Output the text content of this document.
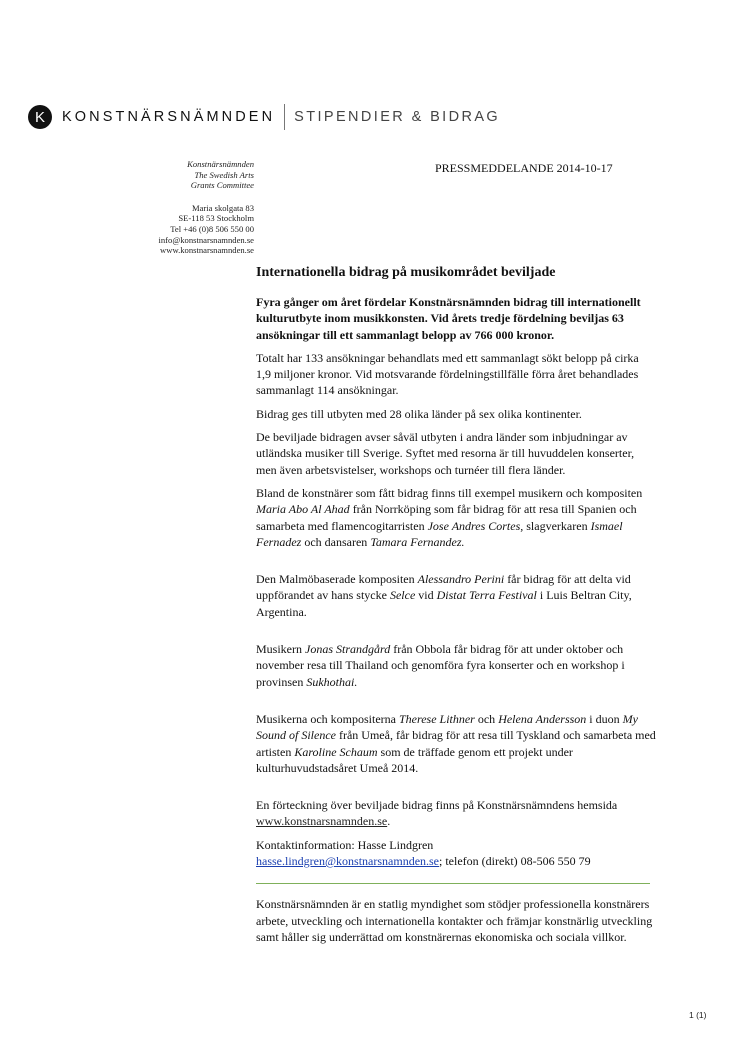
K	KONSTNÄRSNÄMNDEN STIPENDIER & BIDRAG
Konstnärsnämnden
The Swedish Arts
Grants Committee
Maria skolgata 83
SE-118 53 Stockholm
Tel +46 (0)8 506 550 00
info@konstnarsnamnden.se
www.konstnarsnamnden.se
PRESSMEDDELANDE 2014-10-17
Internationella bidrag på musikområdet beviljade

Fyra gånger om året fördelar Konstnärsnämnden bidrag till internationellt kulturutbyte inom musikkonsten. Vid årets tredje fördelning beviljas 63 ansökningar till ett sammanlagt belopp av 766 000 kronor.

Totalt har 133 ansökningar behandlats med ett sammanlagt sökt belopp på cirka 1,9 miljoner kronor. Vid motsvarande fördelningstillfälle förra året behandlades sammanlagt 114 ansökningar.

Bidrag ges till utbyten med 28 olika länder på sex olika kontinenter.

De beviljade bidragen avser såväl utbyten i andra länder som inbjudningar av utländska musiker till Sverige. Syftet med resorna är till huvuddelen konserter, men även arbetsvistelser, workshops och turnéer till flera länder.

Bland de konstnärer som fått bidrag finns till exempel musikern och kompositen Maria Abo Al Ahad från Norrköping som får bidrag för att resa till Spanien och samarbeta med flamencogitarristen Jose Andres Cortes, slagverkaren Ismael Fernadez och dansaren Tamara Fernandez.

Den Malmöbaserade kompositen Alessandro Perini får bidrag för att delta vid uppförandet av hans stycke Selce vid Distat Terra Festival i Luis Beltran City, Argentina.

Musikern Jonas Strandgård från Obbola får bidrag för att under oktober och november resa till Thailand och genomföra fyra konserter och en workshop i provinsen Sukhothai.

Musikerna och kompositerna Therese Lithner och Helena Andersson i duon My Sound of Silence från Umeå, får bidrag för att resa till Tyskland och samarbeta med artisten Karoline Schaum som de träffade genom ett projekt under kulturhuvudstadsåret Umeå 2014.

En förteckning över beviljade bidrag finns på Konstnärsnämndens hemsida www.konstnarsnamnden.se.

Kontaktinformation: Hasse Lindgren
hasse.lindgren@konstnarsnamnden.se; telefon (direkt) 08-506 550 79

Konstnärsnämnden är en statlig myndighet som stödjer professionella konstnärers arbete, utveckling och internationella kontakter och främjar konstnärlig utveckling samt håller sig underrättad om konstnärernas ekonomiska och sociala villkor.

1 (1)
